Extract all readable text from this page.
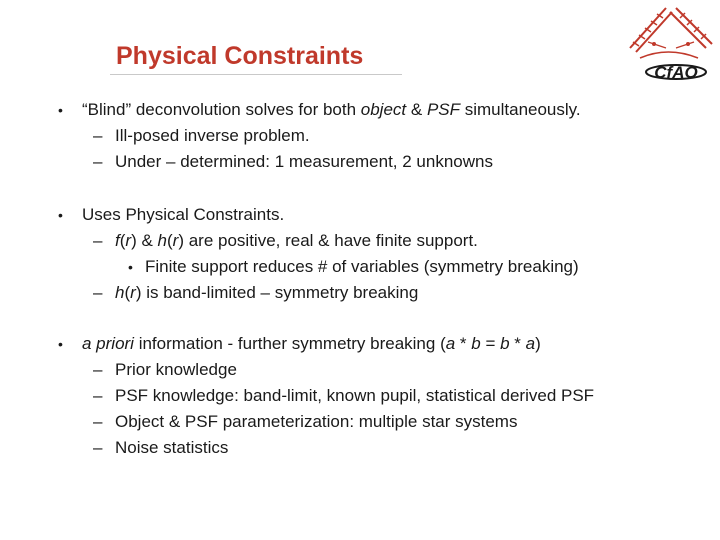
Physical Constraints
CfAO
• “Blind” deconvolution solves for both object & PSF simultaneously.
– Ill-posed inverse problem.
– Under – determined: 1 measurement, 2 unknowns
• Uses Physical Constraints.
– f(r) & h(r) are positive, real & have finite support.
• Finite support reduces # of variables (symmetry breaking)
– h(r) is band-limited – symmetry breaking
• a priori information - further symmetry breaking (a * b = b * a)
– Prior knowledge
– PSF knowledge: band-limit, known pupil, statistical derived PSF
– Object & PSF parameterization: multiple star systems
– Noise statistics
